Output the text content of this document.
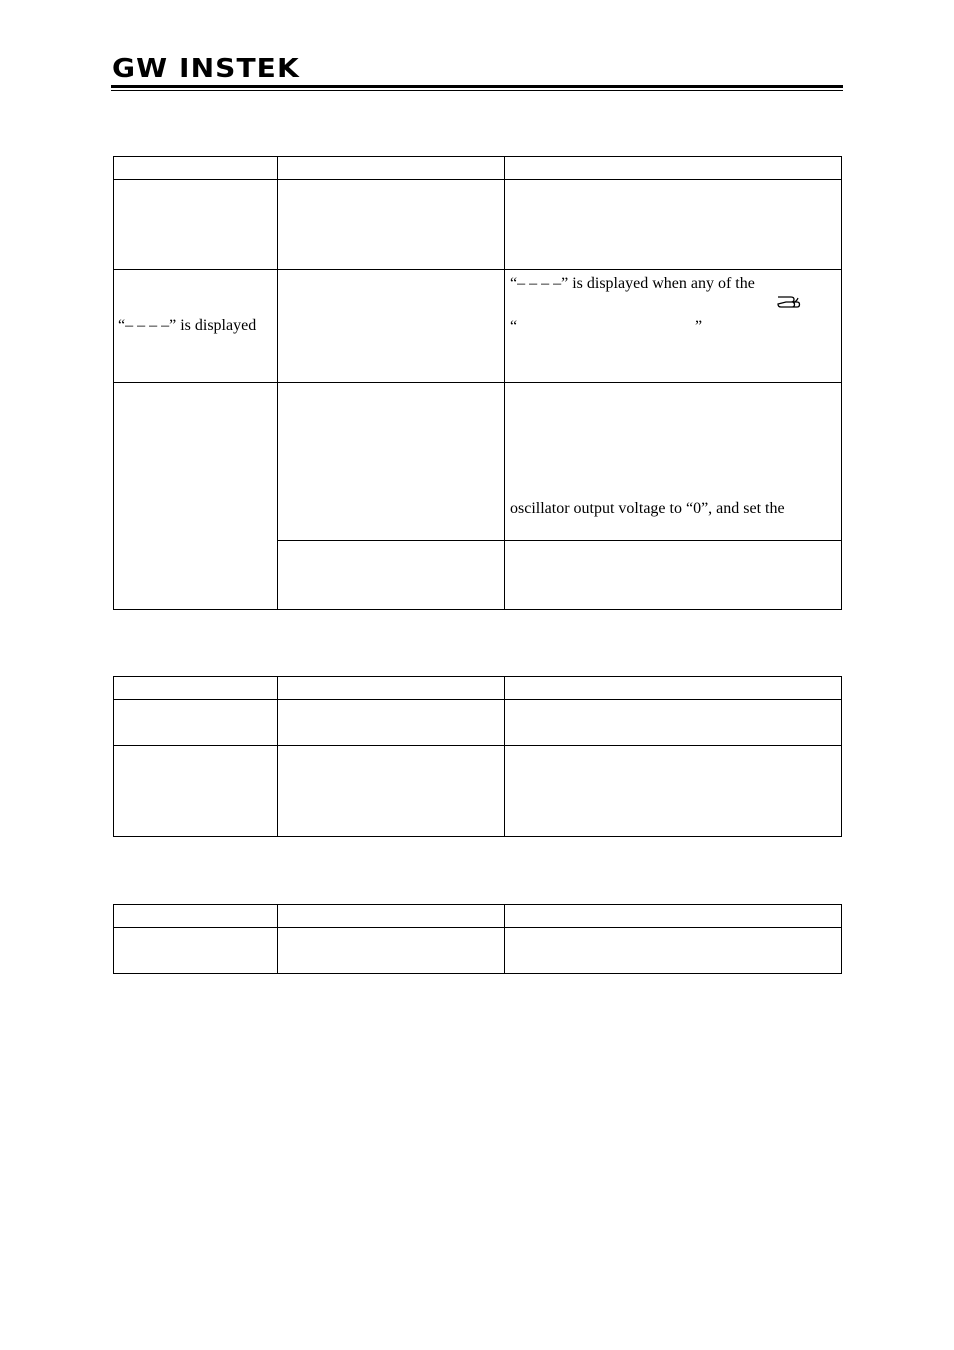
GW INSTEK

“– – – –” is displayed		“– – – –” is displayed when any of the
“ ”

		oscillator output voltage to “0”, and set the
